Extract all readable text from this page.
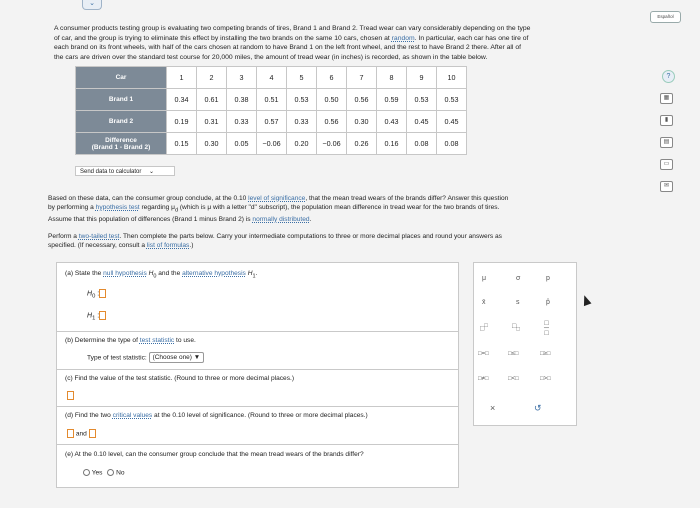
⌄
Español
A consumer products testing group is evaluating two competing brands of tires, Brand 1 and Brand 2. Tread wear can vary considerably depending on the type
of car, and the group is trying to eliminate this effect by installing the two brands on the same 10 cars, chosen at random. In particular, each car has one tire of
each brand on its front wheels, with half of the cars chosen at random to have Brand 1 on the left front wheel, and the rest to have Brand 2 there. After all of
the cars are driven over the standard test course for 20,000 miles, the amount of tread wear (in inches) is recorded, as shown in the table below.
Car	1	2	3	4	5	6	7	8	9	10
Brand 1	0.34	0.61	0.38	0.51	0.53	0.50	0.56	0.59	0.53	0.53
Brand 2	0.19	0.31	0.33	0.57	0.33	0.56	0.30	0.43	0.45	0.45

Difference
(Brand 1 - Brand 2)	0.15	0.30	0.05	−0.06	0.20	−0.06	0.26	0.16	0.08	0.08
Send data to calculator ⌄
Based on these data, can the consumer group conclude, at the 0.10 level of significance, that the mean tread wears of the brands differ? Answer this question
by performing a hypothesis test regarding $\mu_d$ (which is μ with a letter "d" subscript), the population mean difference in tread wear for the two brands of tires.
Assume that this population of differences (Brand 1 minus Brand 2) is normally distributed.
Perform a two-tailed test. Then complete the parts below. Carry your intermediate computations to three or more decimal places and round your answers as
specified. (If necessary, consult a list of formulas.)
(a) State the null hypothesis $H_0$ and the alternative hypothesis $H_1$.
$H_0$ :
$H_1$ :
(b) Determine the type of test statistic to use.
Type of test statistic: (Choose one) ▼
(c) Find the value of the test statistic. (Round to three or more decimal places.)
(d) Find the two critical values at the 0.10 level of significance. (Round to three or more decimal places.)
and
(e) At the 0.10 level, can the consumer group conclude that the mean tread wears of the brands differ?
Yes No
μ	σ	p
x̄	s	p̂
□□	$□_□$
□
─
□
□=□	□≤□	□≥□
□≠□	□<□	□>□
×	↺
?
▦
▮
▤
▭
✉
